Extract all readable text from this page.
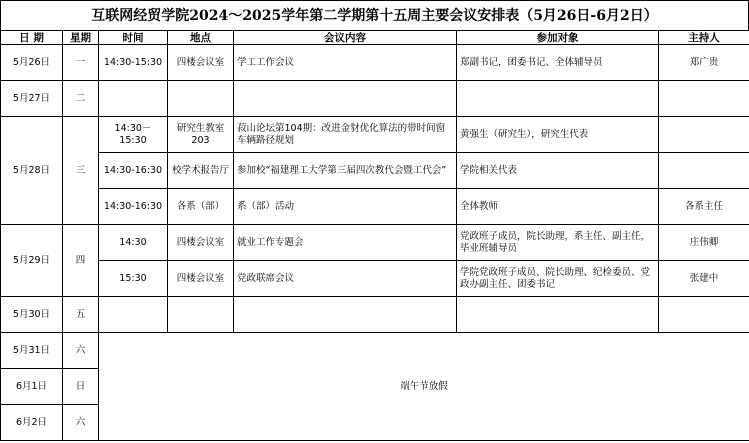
互联网经贸学院2024～2025学年第二学期第十五周主要会议安排表（5月26日-6月2日）
日 期	星期	时间	地点	会议内容	参加对象	主持人
5月26日	一	14:30-15:30	四楼会议室	学工工作会议	郑副书记，团委书记、全体辅导员	郑广贵
5月27日	二					
5月28日	三	14:30－15:30	研究生教室203	菽山论坛第104期：改进金豺优化算法的带时间窗车辆路径规划	黄强生（研究生），研究生代表	
		14:30-16:30	校学术报告厅	参加校“福建理工大学第三届四次教代会暨工代会”	学院相关代表	
		14:30-16:30	各系（部）	系（部）活动	全体教师	各系主任
5月29日	四	14:30	四楼会议室	就业工作专题会	党政班子成员，院长助理，系主任、副主任，毕业班辅导员	庄伟卿
		15:30	四楼会议室	党政联席会议	学院党政班子成员、院长助理、纪检委员、党政办副主任、团委书记	张建中
5月30日	五					
5月31日	六	端午节放假				
6月1日	日					
6月2日	六					
